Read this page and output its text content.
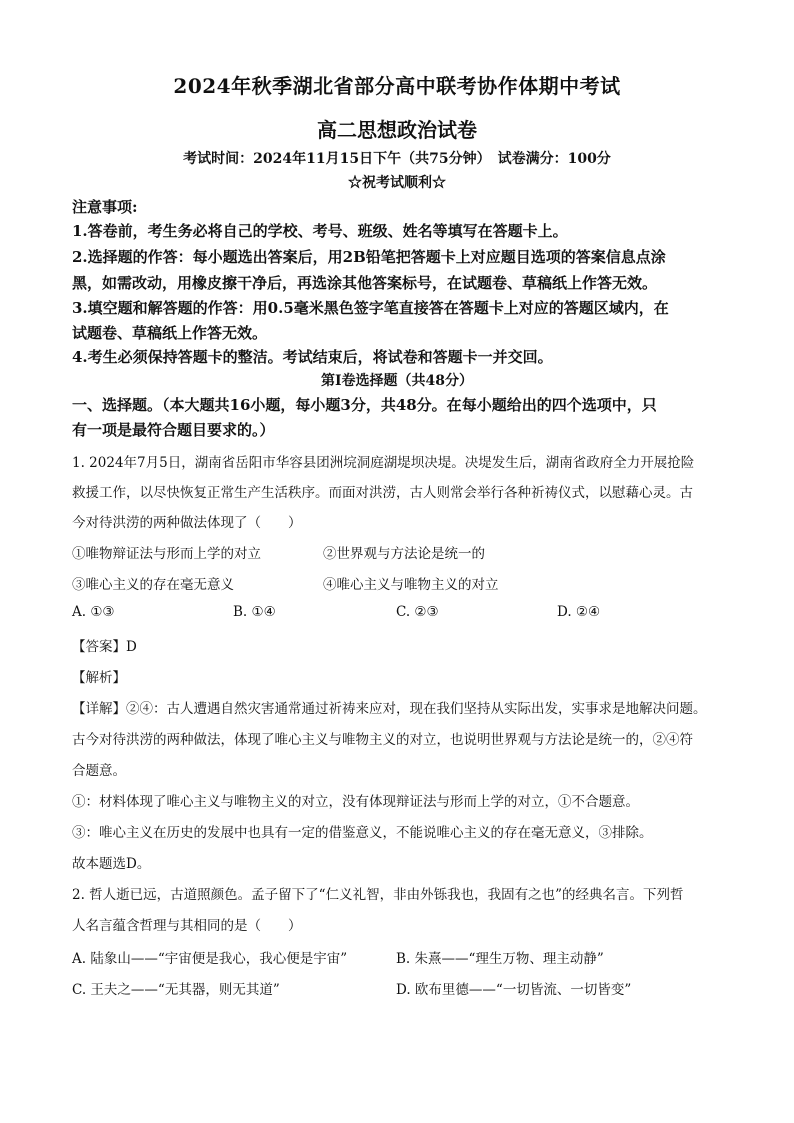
2024年秋季湖北省部分高中联考协作体期中考试
高二思想政治试卷
考试时间：2024年11月15日下午（共75分钟）　试卷满分：100分
☆祝考试顺利☆
注意事项:
1.答卷前，考生务必将自己的学校、考号、班级、姓名等填写在答题卡上。
2.选择题的作答：每小题选出答案后，用2B铅笔把答题卡上对应题目选项的答案信息点涂
黑，如需改动，用橡皮擦干净后，再选涂其他答案标号，在试题卷、草稿纸上作答无效。
3.填空题和解答题的作答：用0.5毫米黑色签字笔直接答在答题卡上对应的答题区域内，在
试题卷、草稿纸上作答无效。
4.考生必须保持答题卡的整洁。考试结束后，将试卷和答题卡一并交回。
第Ⅰ卷选择题（共48分）
一、选择题。（本大题共16小题，每小题3分，共48分。在每小题给出的四个选项中，只
有一项是最符合题目要求的。）
1. 2024年7月5日，湖南省岳阳市华容县团洲垸洞庭湖堤坝决堤。决堤发生后，湖南省政府全力开展抢险
救援工作，以尽快恢复正常生产生活秩序。而面对洪涝，古人则常会举行各种祈祷仪式，以慰藉心灵。古
今对待洪涝的两种做法体现了（　　）
①唯物辩证法与形而上学的对立	②世界观与方法论是统一的
③唯心主义的存在毫无意义	④唯心主义与唯物主义的对立
A. ①③	B. ①④	C. ②③	D. ②④
【答案】D
【解析】
【详解】②④：古人遭遇自然灾害通常通过祈祷来应对，现在我们坚持从实际出发，实事求是地解决问题。
古今对待洪涝的两种做法，体现了唯心主义与唯物主义的对立，也说明世界观与方法论是统一的，②④符
合题意。
①：材料体现了唯心主义与唯物主义的对立，没有体现辩证法与形而上学的对立，①不合题意。
③：唯心主义在历史的发展中也具有一定的借鉴意义，不能说唯心主义的存在毫无意义，③排除。
故本题选D。
2. 哲人逝已远，古道照颜色。孟子留下了“仁义礼智，非由外铄我也，我固有之也”的经典名言。下列哲
人名言蕴含哲理与其相同的是（　　）
A. 陆象山——“宇宙便是我心，我心便是宇宙”	B. 朱熹——“理生万物、理主动静”
C. 王夫之——“无其器，则无其道”	D. 欧布里德——“一切皆流、一切皆变”
